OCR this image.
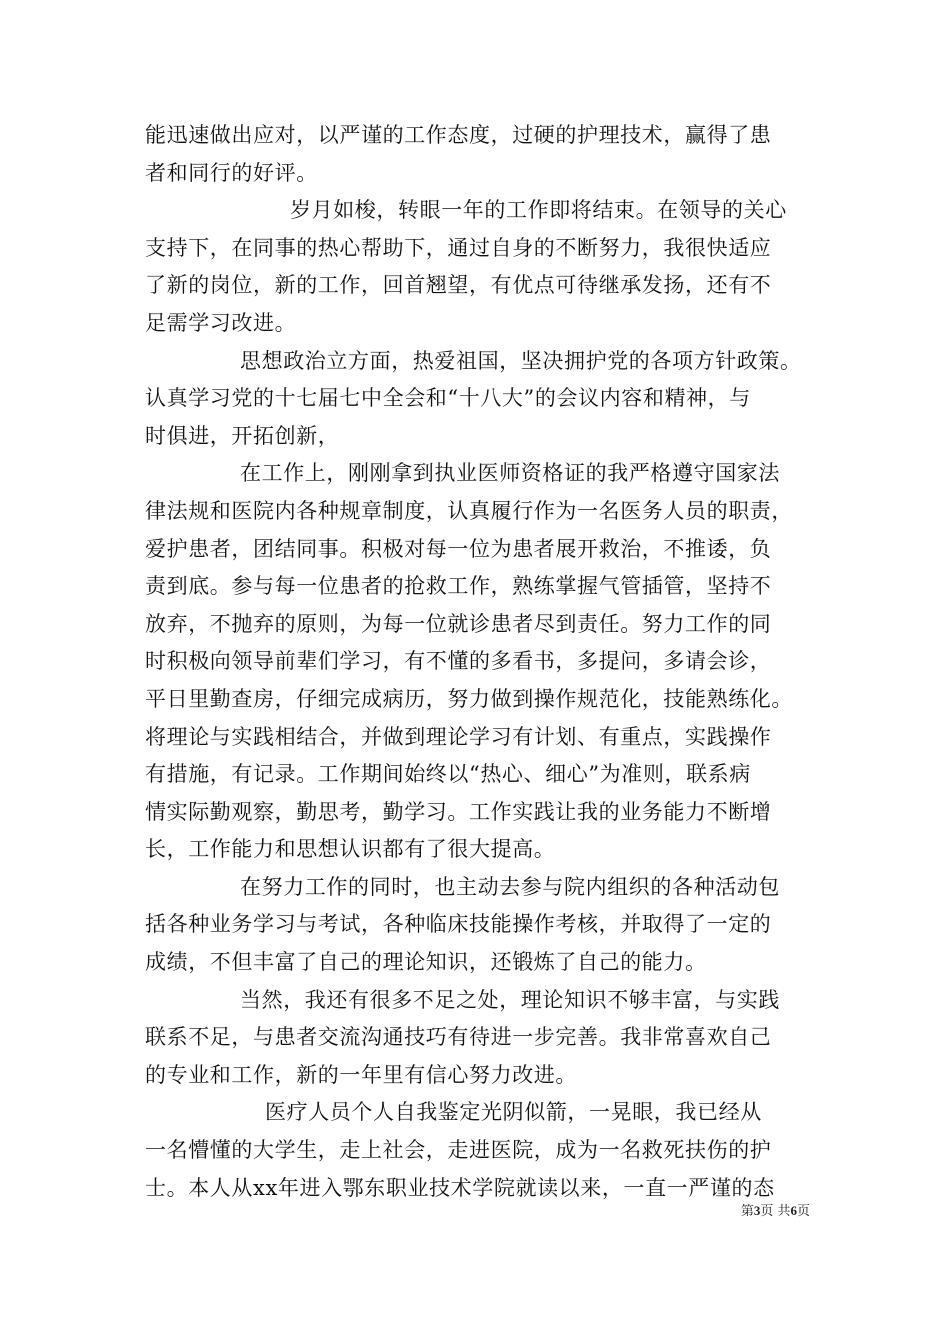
能迅速做出应对，以严谨的工作态度，过硬的护理技术，赢得了患
者和同行的好评。
岁月如梭，转眼一年的工作即将结束。在领导的关心
支持下，在同事的热心帮助下，通过自身的不断努力，我很快适应
了新的岗位，新的工作，回首翘望，有优点可待继承发扬，还有不
足需学习改进。
思想政治立方面，热爱祖国，坚决拥护党的各项方针政策。
认真学习党的十七届七中全会和“十八大”的会议内容和精神，与
时俱进，开拓创新，
在工作上，刚刚拿到执业医师资格证的我严格遵守国家法
律法规和医院内各种规章制度，认真履行作为一名医务人员的职责，
爱护患者，团结同事。积极对每一位为患者展开救治，不推诿，负
责到底。参与每一位患者的抢救工作，熟练掌握气管插管，坚持不
放弃，不抛弃的原则，为每一位就诊患者尽到责任。努力工作的同
时积极向领导前辈们学习，有不懂的多看书，多提问，多请会诊，
平日里勤查房，仔细完成病历，努力做到操作规范化，技能熟练化。
将理论与实践相结合，并做到理论学习有计划、有重点，实践操作
有措施，有记录。工作期间始终以“热心、细心”为准则，联系病
情实际勤观察，勤思考，勤学习。工作实践让我的业务能力不断增
长，工作能力和思想认识都有了很大提高。
在努力工作的同时，也主动去参与院内组织的各种活动包
括各种业务学习与考试，各种临床技能操作考核，并取得了一定的
成绩，不但丰富了自己的理论知识，还锻炼了自己的能力。
当然，我还有很多不足之处，理论知识不够丰富，与实践
联系不足，与患者交流沟通技巧有待进一步完善。我非常喜欢自己
的专业和工作，新的一年里有信心努力改进。
医疗人员个人自我鉴定光阴似箭，一晃眼，我已经从
一名懵懂的大学生，走上社会，走进医院，成为一名救死扶伤的护
士。本人从xx年进入鄂东职业技术学院就读以来，一直一严谨的态
第3页 共6页
